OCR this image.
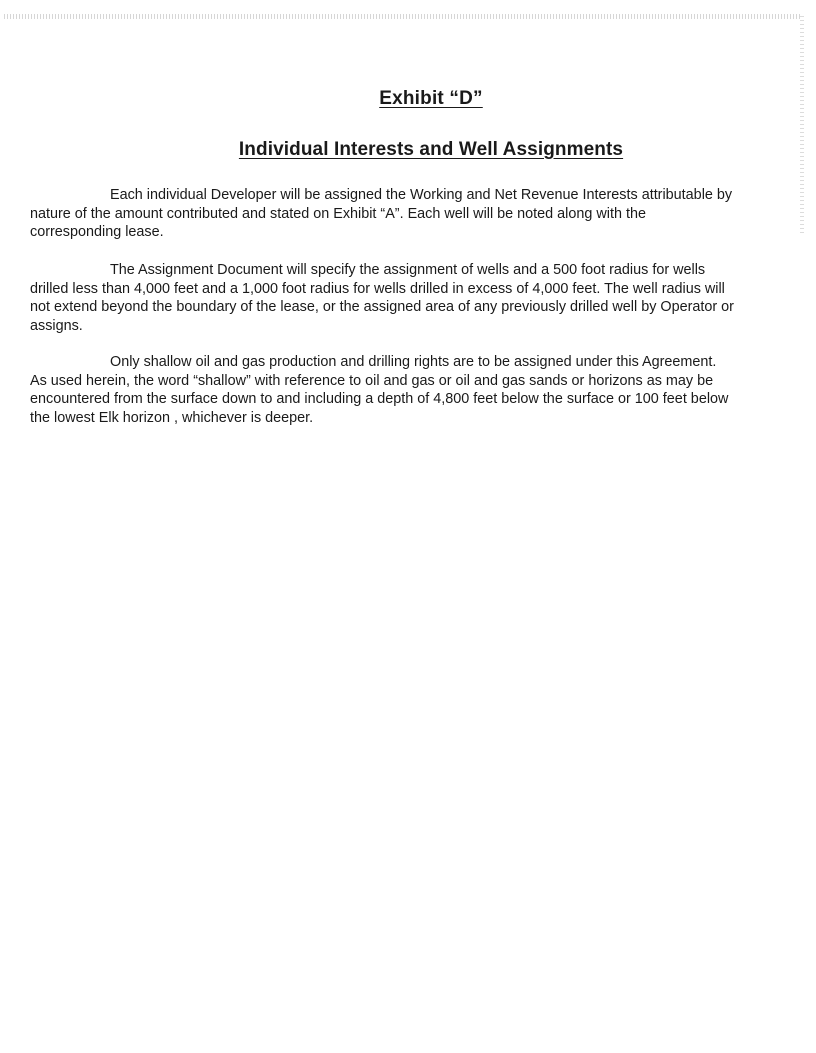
Exhibit “D”
Individual Interests and Well Assignments

Each individual Developer will be assigned the Working and Net Revenue Interests attributable by nature of the amount contributed and stated on Exhibit “A”. Each well will be noted along with the corresponding lease.

The Assignment Document will specify the assignment of wells and a 500 foot radius for wells drilled less than 4,000 feet and a 1,000 foot radius for wells drilled in excess of 4,000 feet. The well radius will not extend beyond the boundary of the lease, or the assigned area of any previously drilled well by Operator or assigns.

Only shallow oil and gas production and drilling rights are to be assigned under this Agreement. As used herein, the word “shallow” with reference to oil and gas or oil and gas sands or horizons as may be encountered from the surface down to and including a depth of 4,800 feet below the surface or 100 feet below the lowest Elk horizon , whichever is deeper.
